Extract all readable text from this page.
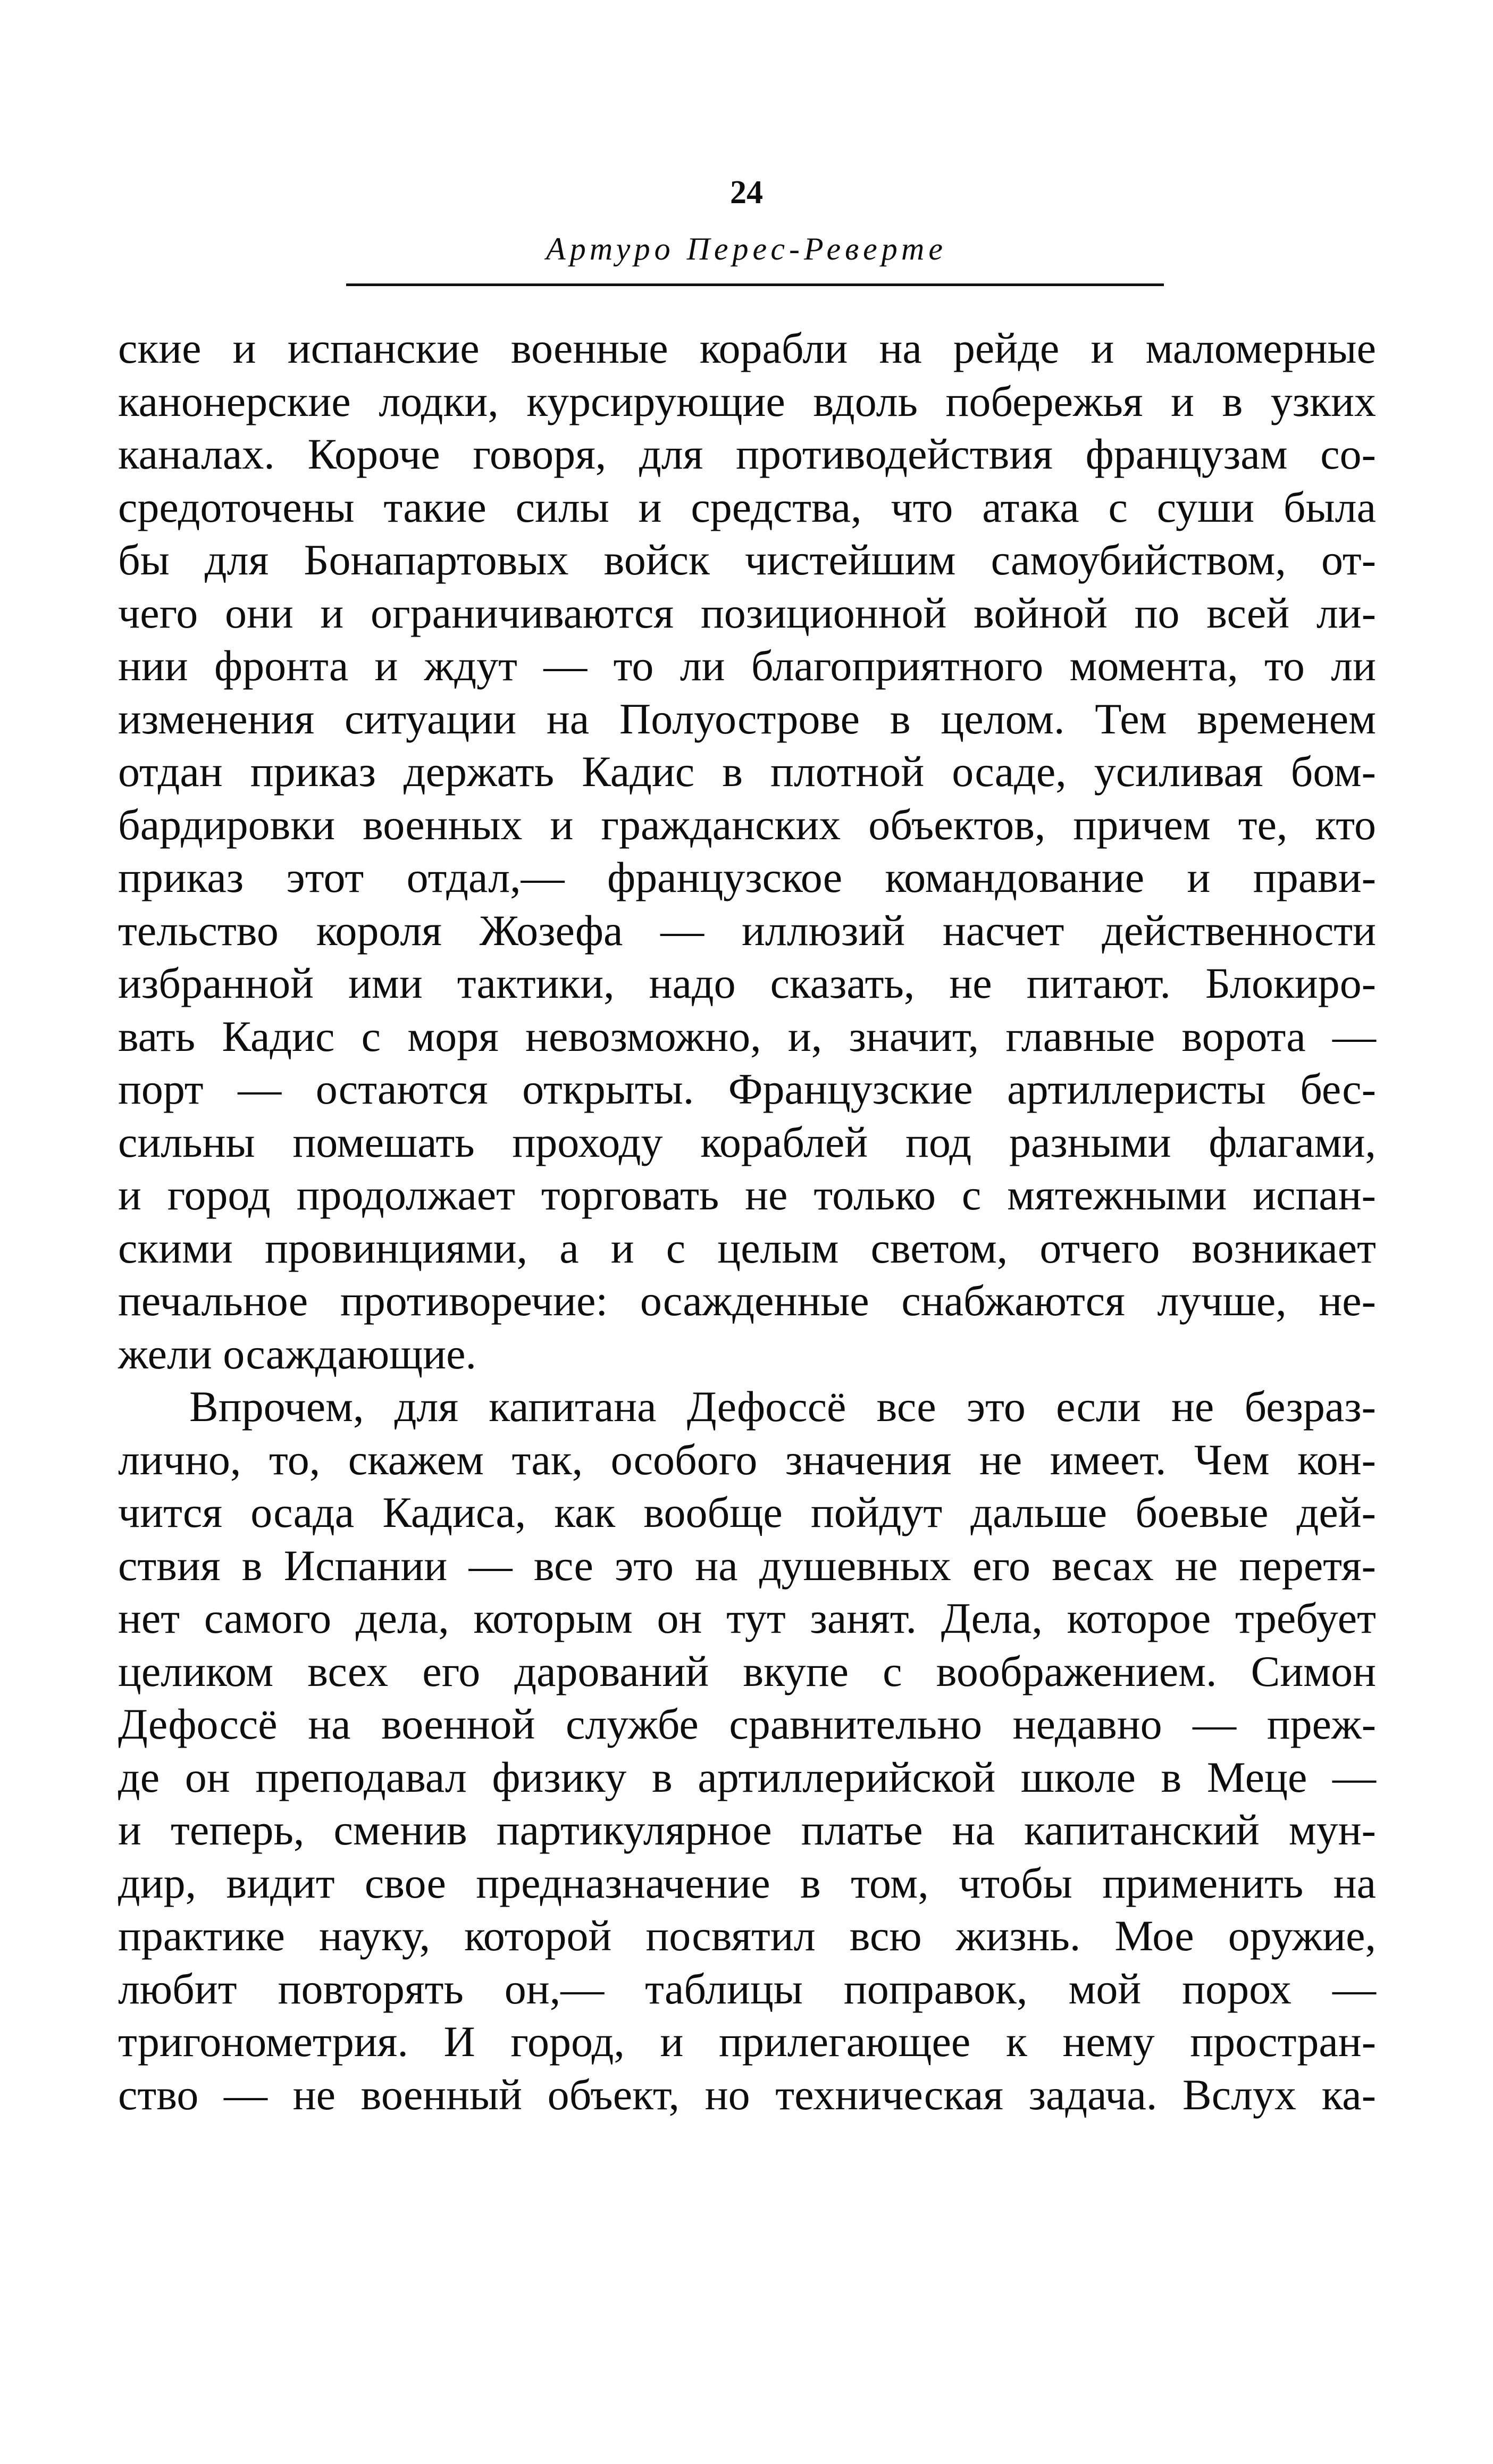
24
Артуро Перес-Реверте
ские и испанские военные корабли на рейде и маломерные
канонерские лодки, курсирующие вдоль побережья и в узких
каналах. Короче говоря, для противодействия французам со-
средоточены такие силы и средства, что атака с суши была
бы для Бонапартовых войск чистейшим самоубийством, от-
чего они и ограничиваются позиционной войной по всей ли-
нии фронта и ждут — то ли благоприятного момента, то ли
изменения ситуации на Полуострове в целом. Тем временем
отдан приказ держать Кадис в плотной осаде, усиливая бом-
бардировки военных и гражданских объектов, причем те, кто
приказ этот отдал,— французское командование и прави-
тельство короля Жозефа — иллюзий насчет действенности
избранной ими тактики, надо сказать, не питают. Блокиро-
вать Кадис с моря невозможно, и, значит, главные ворота —
порт — остаются открыты. Французские артиллеристы бес-
сильны помешать проходу кораблей под разными флагами,
и город продолжает торговать не только с мятежными испан-
скими провинциями, а и с целым светом, отчего возникает
печальное противоречие: осажденные снабжаются лучше, не-
жели осаждающие.
Впрочем, для капитана Дефоссё все это если не безраз-
лично, то, скажем так, особого значения не имеет. Чем кон-
чится осада Кадиса, как вообще пойдут дальше боевые дей-
ствия в Испании — все это на душевных его весах не перетя-
нет самого дела, которым он тут занят. Дела, которое требует
целиком всех его дарований вкупе с воображением. Симон
Дефоссё на военной службе сравнительно недавно — преж-
де он преподавал физику в артиллерийской школе в Меце —
и теперь, сменив партикулярное платье на капитанский мун-
дир, видит свое предназначение в том, чтобы применить на
практике науку, которой посвятил всю жизнь. Мое оружие,
любит повторять он,— таблицы поправок, мой порох —
тригонометрия. И город, и прилегающее к нему простран-
ство — не военный объект, но техническая задача. Вслух ка-
